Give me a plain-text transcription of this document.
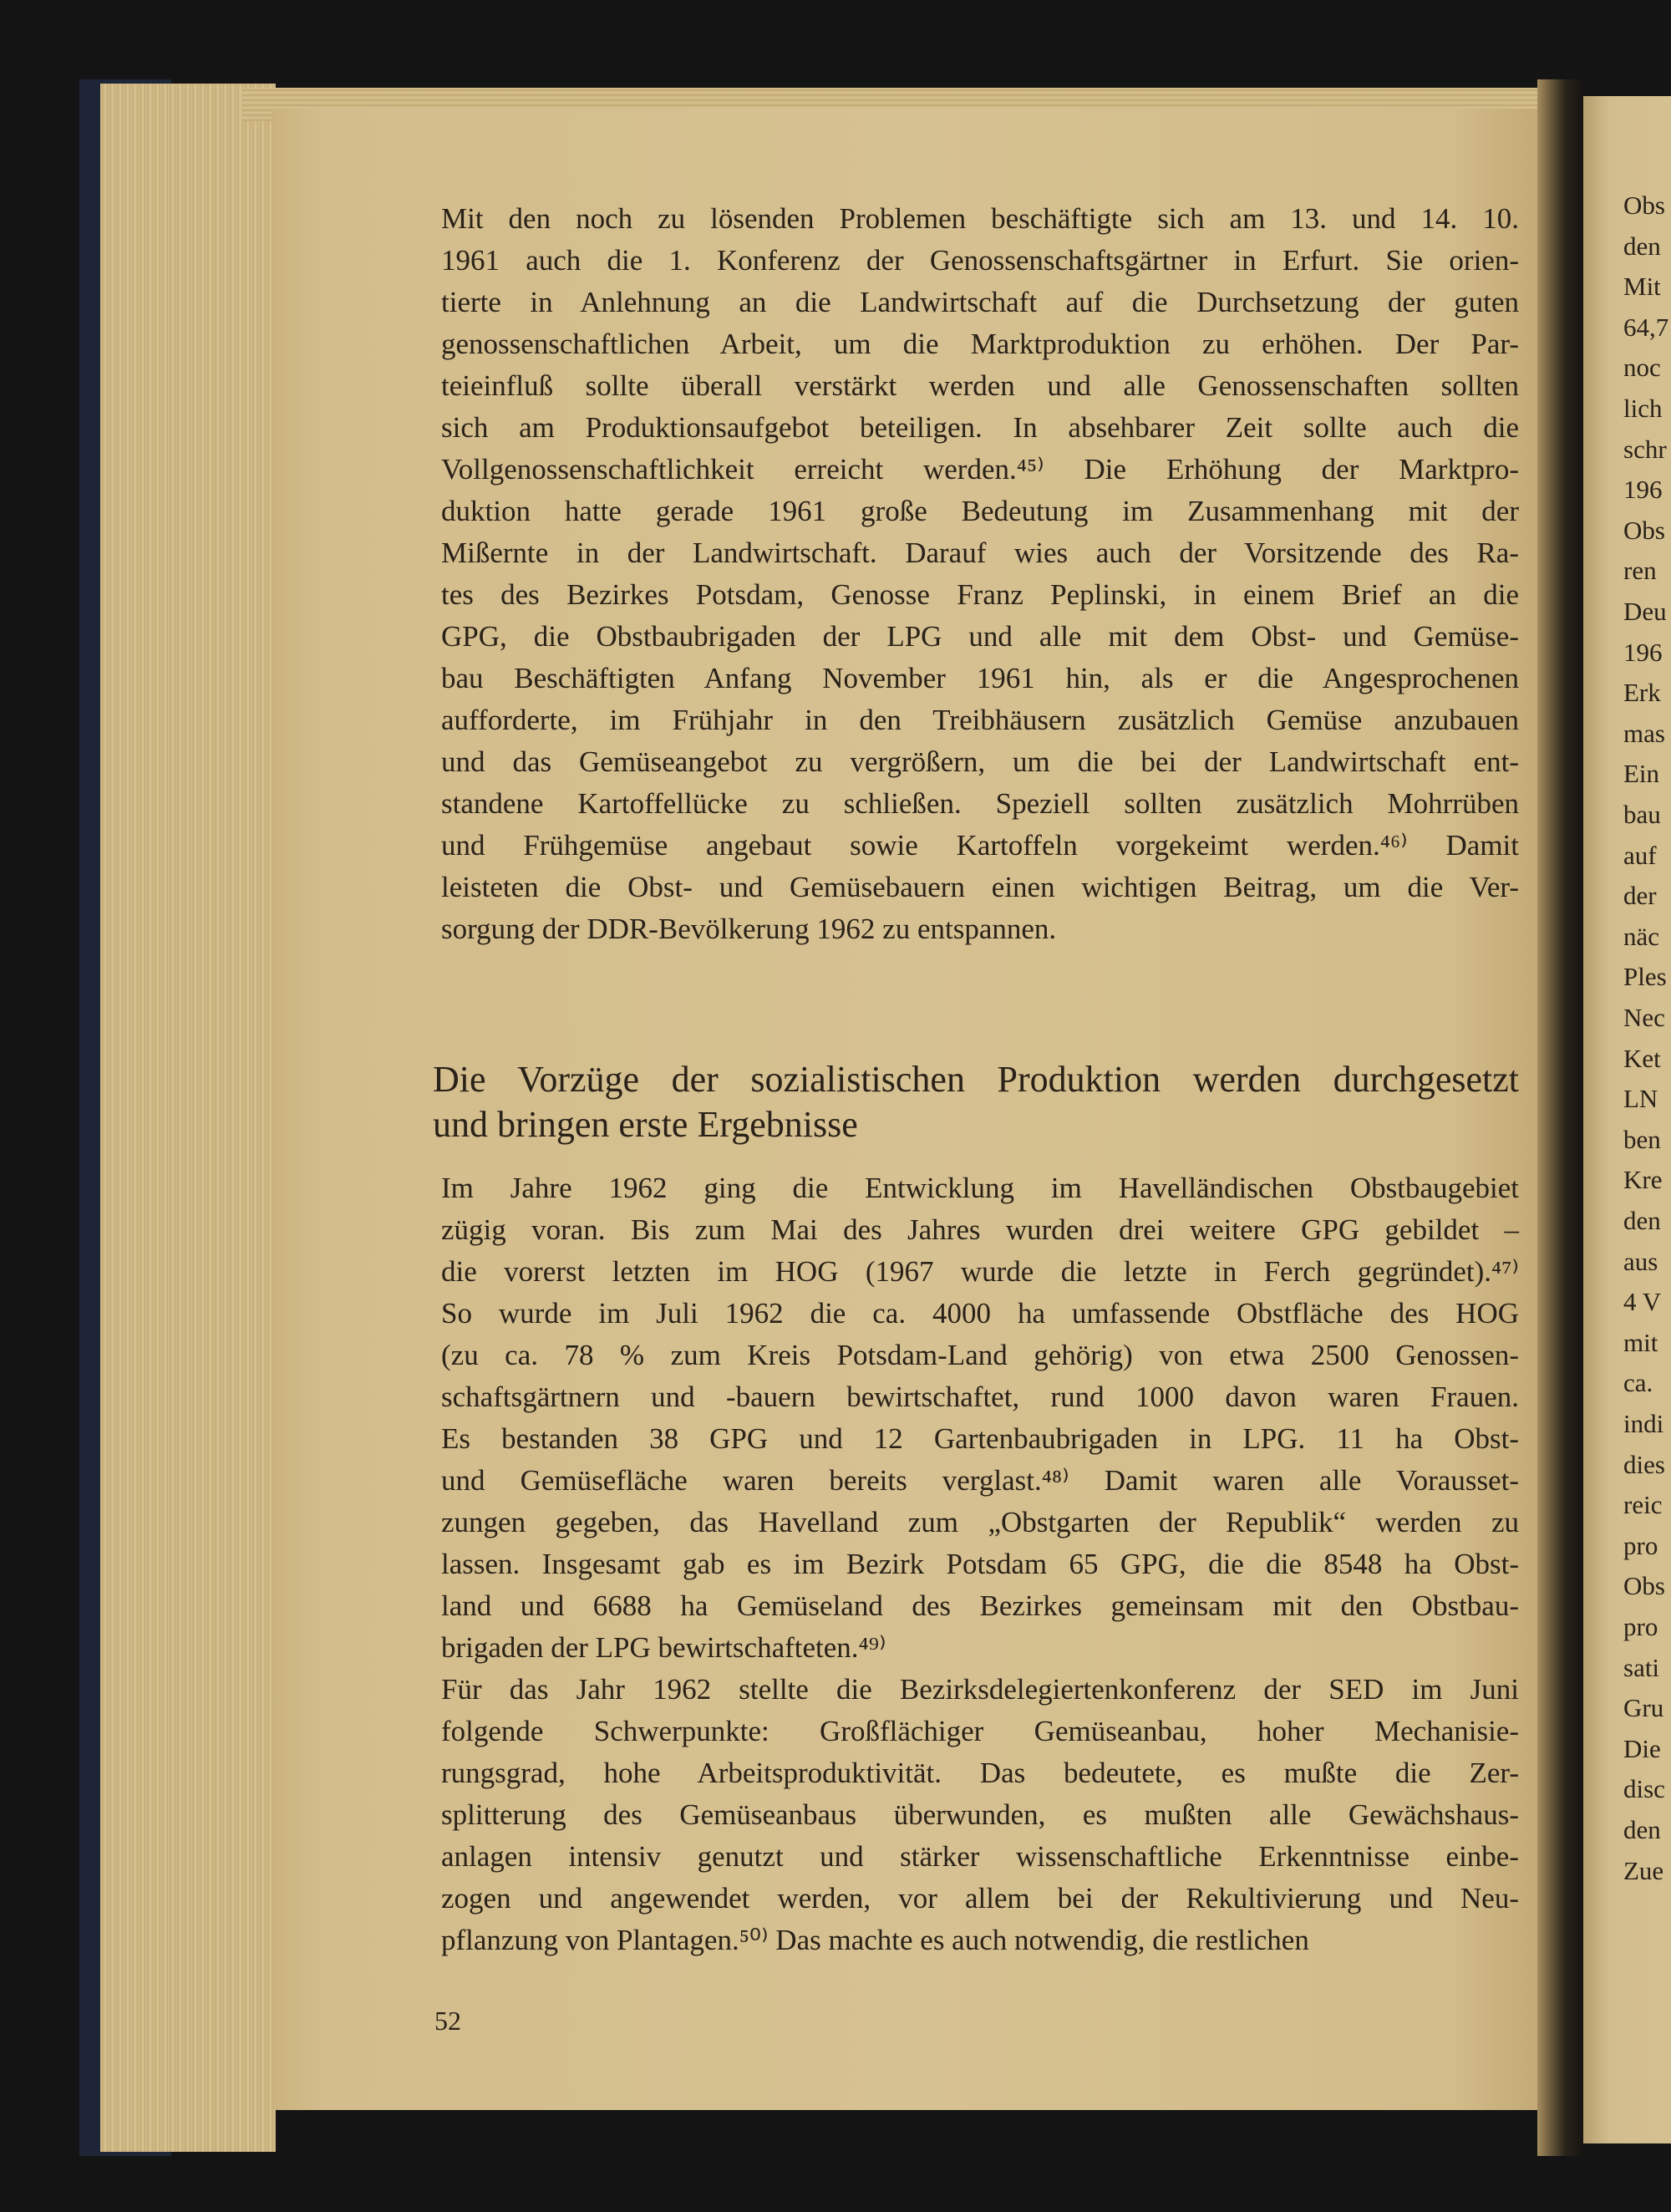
Mit den noch zu lösenden Problemen beschäftigte sich am 13. und 14. 10.
1961 auch die 1. Konferenz der Genossenschaftsgärtner in Erfurt. Sie orien-
tierte in Anlehnung an die Landwirtschaft auf die Durchsetzung der guten
genossenschaftlichen Arbeit, um die Marktproduktion zu erhöhen. Der Par-
teieinfluß sollte überall verstärkt werden und alle Genossenschaften sollten
sich am Produktionsaufgebot beteiligen. In absehbarer Zeit sollte auch die
Vollgenossenschaftlichkeit erreicht werden.⁴⁵⁾ Die Erhöhung der Marktpro-
duktion hatte gerade 1961 große Bedeutung im Zusammenhang mit der
Mißernte in der Landwirtschaft. Darauf wies auch der Vorsitzende des Ra-
tes des Bezirkes Potsdam, Genosse Franz Peplinski, in einem Brief an die
GPG, die Obstbaubrigaden der LPG und alle mit dem Obst- und Gemüse-
bau Beschäftigten Anfang November 1961 hin, als er die Angesprochenen
aufforderte, im Frühjahr in den Treibhäusern zusätzlich Gemüse anzubauen
und das Gemüseangebot zu vergrößern, um die bei der Landwirtschaft ent-
standene Kartoffellücke zu schließen. Speziell sollten zusätzlich Mohrrüben
und Frühgemüse angebaut sowie Kartoffeln vorgekeimt werden.⁴⁶⁾ Damit
leisteten die Obst- und Gemüsebauern einen wichtigen Beitrag, um die Ver-
sorgung der DDR-Bevölkerung 1962 zu entspannen.
Die Vorzüge der sozialistischen Produktion werden durchgesetzt
und bringen erste Ergebnisse
Im Jahre 1962 ging die Entwicklung im Havelländischen Obstbaugebiet
zügig voran. Bis zum Mai des Jahres wurden drei weitere GPG gebildet –
die vorerst letzten im HOG (1967 wurde die letzte in Ferch gegründet).⁴⁷⁾
So wurde im Juli 1962 die ca. 4000 ha umfassende Obstfläche des HOG
(zu ca. 78 % zum Kreis Potsdam-Land gehörig) von etwa 2500 Genossen-
schaftsgärtnern und -bauern bewirtschaftet, rund 1000 davon waren Frauen.
Es bestanden 38 GPG und 12 Gartenbaubrigaden in LPG. 11 ha Obst-
und Gemüsefläche waren bereits verglast.⁴⁸⁾ Damit waren alle Vorausset-
zungen gegeben, das Havelland zum „Obstgarten der Republik“ werden zu
lassen. Insgesamt gab es im Bezirk Potsdam 65 GPG, die die 8548 ha Obst-
land und 6688 ha Gemüseland des Bezirkes gemeinsam mit den Obstbau-
brigaden der LPG bewirtschafteten.⁴⁹⁾
Für das Jahr 1962 stellte die Bezirksdelegiertenkonferenz der SED im Juni
folgende Schwerpunkte: Großflächiger Gemüseanbau, hoher Mechanisie-
rungsgrad, hohe Arbeitsproduktivität. Das bedeutete, es mußte die Zer-
splitterung des Gemüseanbaus überwunden, es mußten alle Gewächshaus-
anlagen intensiv genutzt und stärker wissenschaftliche Erkenntnisse einbe-
zogen und angewendet werden, vor allem bei der Rekultivierung und Neu-
pflanzung von Plantagen.⁵⁰⁾ Das machte es auch notwendig, die restlichen
52
Obs
den
Mit
64,7
noc
lich
schr
196
Obs
ren
Deu
196
Erk
mas
Ein
bau
auf
der
näc
Ples
Nec
Ket
LN
ben
Kre
den
aus
4 V
mit
ca.
indi
dies
reic
pro
Obs
pro
sati
Gru
Die
disc
den
Zue
